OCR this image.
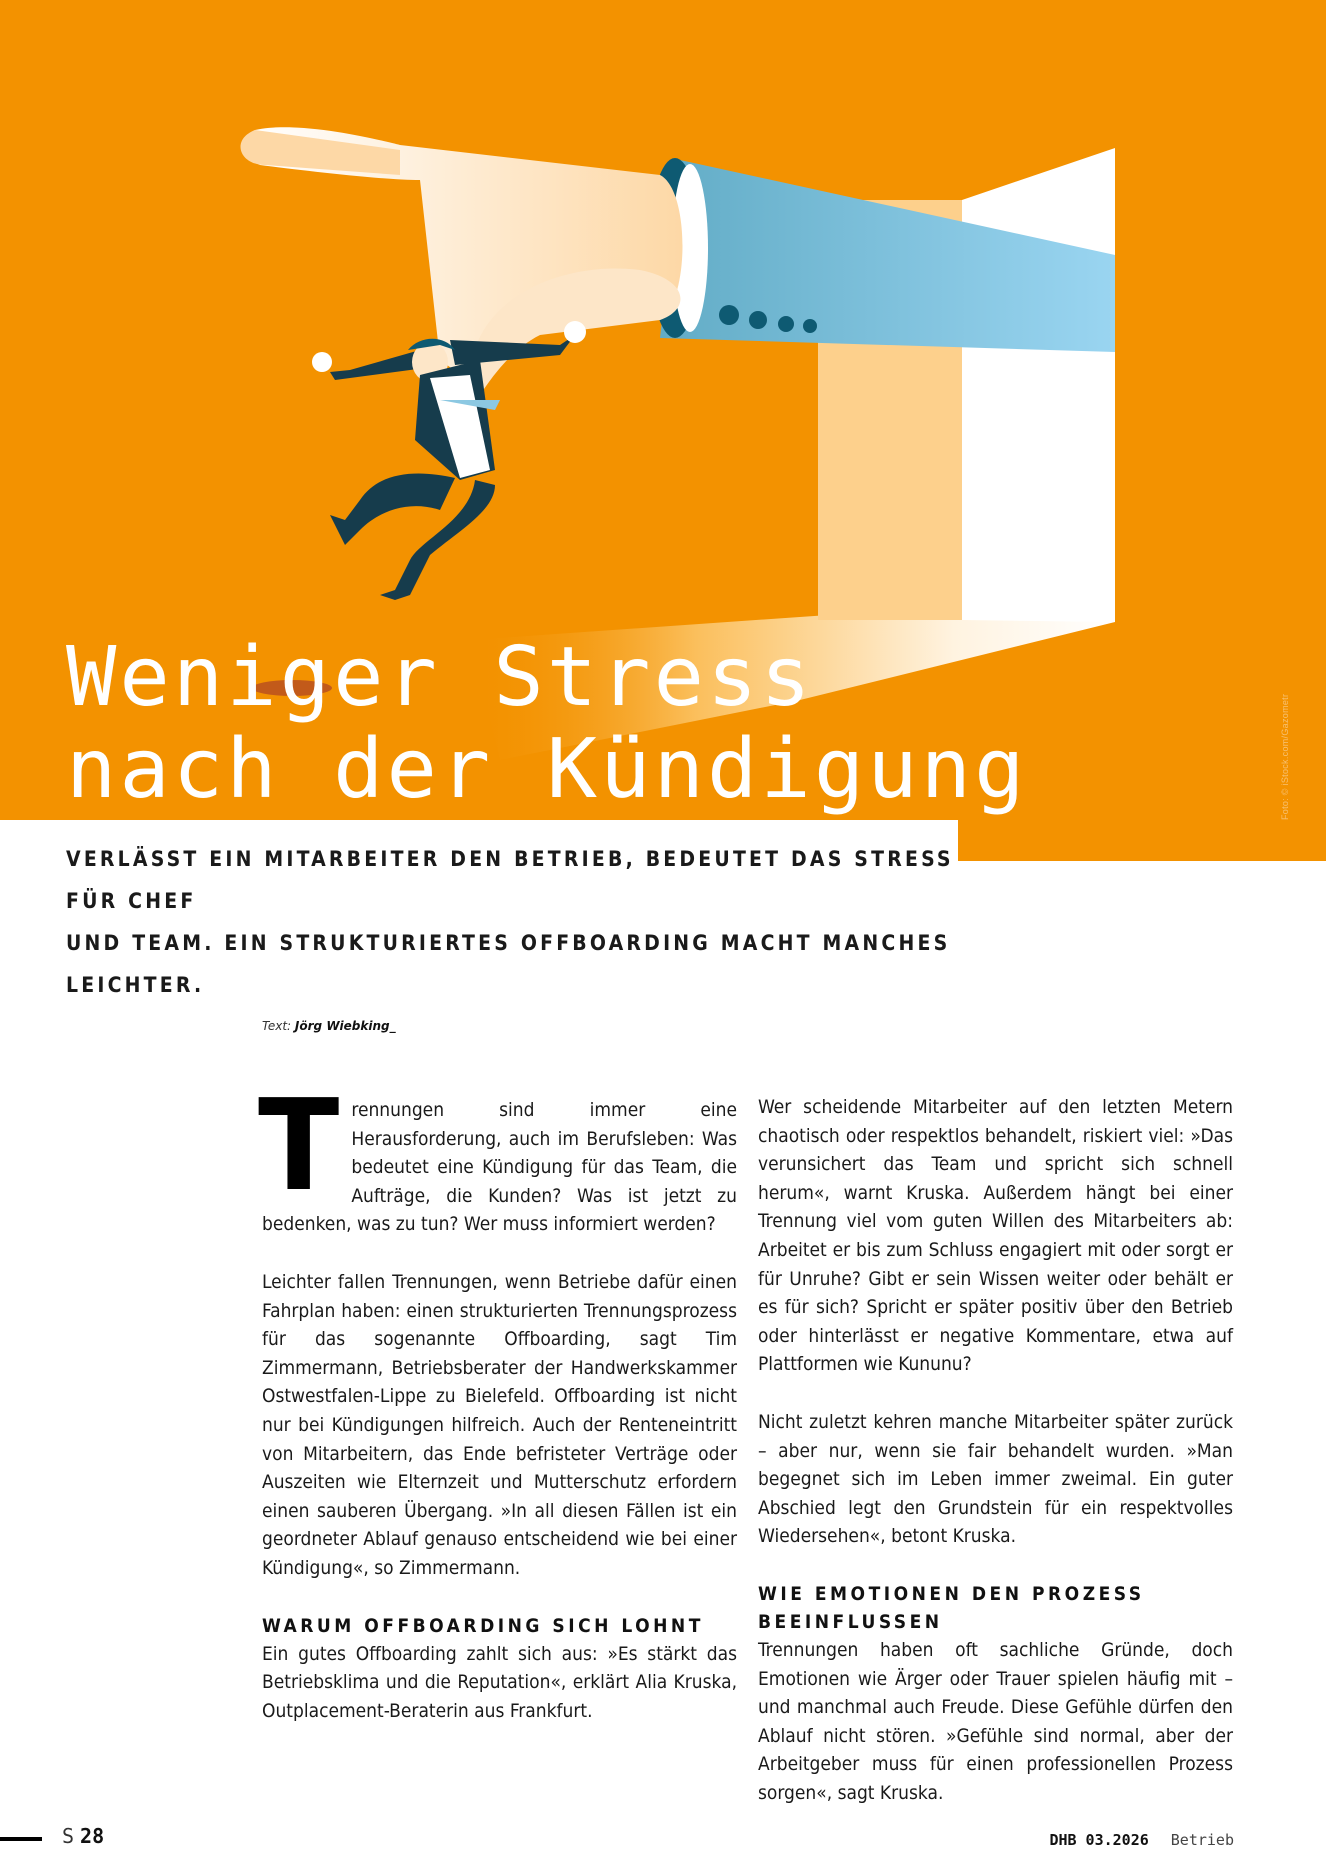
Weniger Stress
nach der Kündigung	Foto: © iStock.com/Gazometr

VERLÄSST EIN MITARBEITER DEN BETRIEB, BEDEUTET DAS STRESS FÜR CHEF
UND TEAM. EIN STRUKTURIERTES OFFBOARDING MACHT MANCHES LEICHTER.

Text: Jörg Wiebking_

Trennungen sind immer eine Herausforderung, auch im Berufsleben: Was bedeutet eine Kündigung für das Team, die Aufträge, die Kunden? Was ist jetzt zu bedenken, was zu tun? Wer muss informiert werden?

Leichter fallen Trennungen, wenn Betriebe dafür einen Fahrplan haben: einen strukturierten Trennungsprozess für das sogenannte Offboarding, sagt Tim Zimmermann, Betriebsberater der Handwerkskammer Ostwestfalen-Lippe zu Bielefeld. Offboarding ist nicht nur bei Kündigungen hilfreich. Auch der Renteneintritt von Mitarbeitern, das Ende befristeter Verträge oder Auszeiten wie Elternzeit und Mutterschutz erfordern einen sauberen Übergang. »In all diesen Fällen ist ein geordneter Ablauf genauso entscheidend wie bei einer Kündigung«, so Zimmermann.

WARUM OFFBOARDING SICH LOHNT

Ein gutes Offboarding zahlt sich aus: »Es stärkt das Betriebsklima und die Reputation«, erklärt Alia Kruska, Outplacement-Beraterin aus Frankfurt.

Wer scheidende Mitarbeiter auf den letzten Metern chaotisch oder respektlos behandelt, riskiert viel: »Das verunsichert das Team und spricht sich schnell herum«, warnt Kruska. Außerdem hängt bei einer Trennung viel vom guten Willen des Mitarbeiters ab: Arbeitet er bis zum Schluss engagiert mit oder sorgt er für Unruhe? Gibt er sein Wissen weiter oder behält er es für sich? Spricht er später positiv über den Betrieb oder hinterlässt er negative Kommentare, etwa auf Plattformen wie Kununu?

Nicht zuletzt kehren manche Mitarbeiter später zurück – aber nur, wenn sie fair behandelt wurden. »Man begegnet sich im Leben immer zweimal. Ein guter Abschied legt den Grundstein für ein respektvolles Wiedersehen«, betont Kruska.

WIE EMOTIONEN DEN PROZESS BEEINFLUSSEN

Trennungen haben oft sachliche Gründe, doch Emotionen wie Ärger oder Trauer spielen häufig mit – und manchmal auch Freude. Diese Gefühle dürfen den Ablauf nicht stören. »Gefühle sind normal, aber der Arbeitgeber muss für einen professionellen Prozess sorgen«, sagt Kruska.

S 28	DHB 03.2026 Betrieb
